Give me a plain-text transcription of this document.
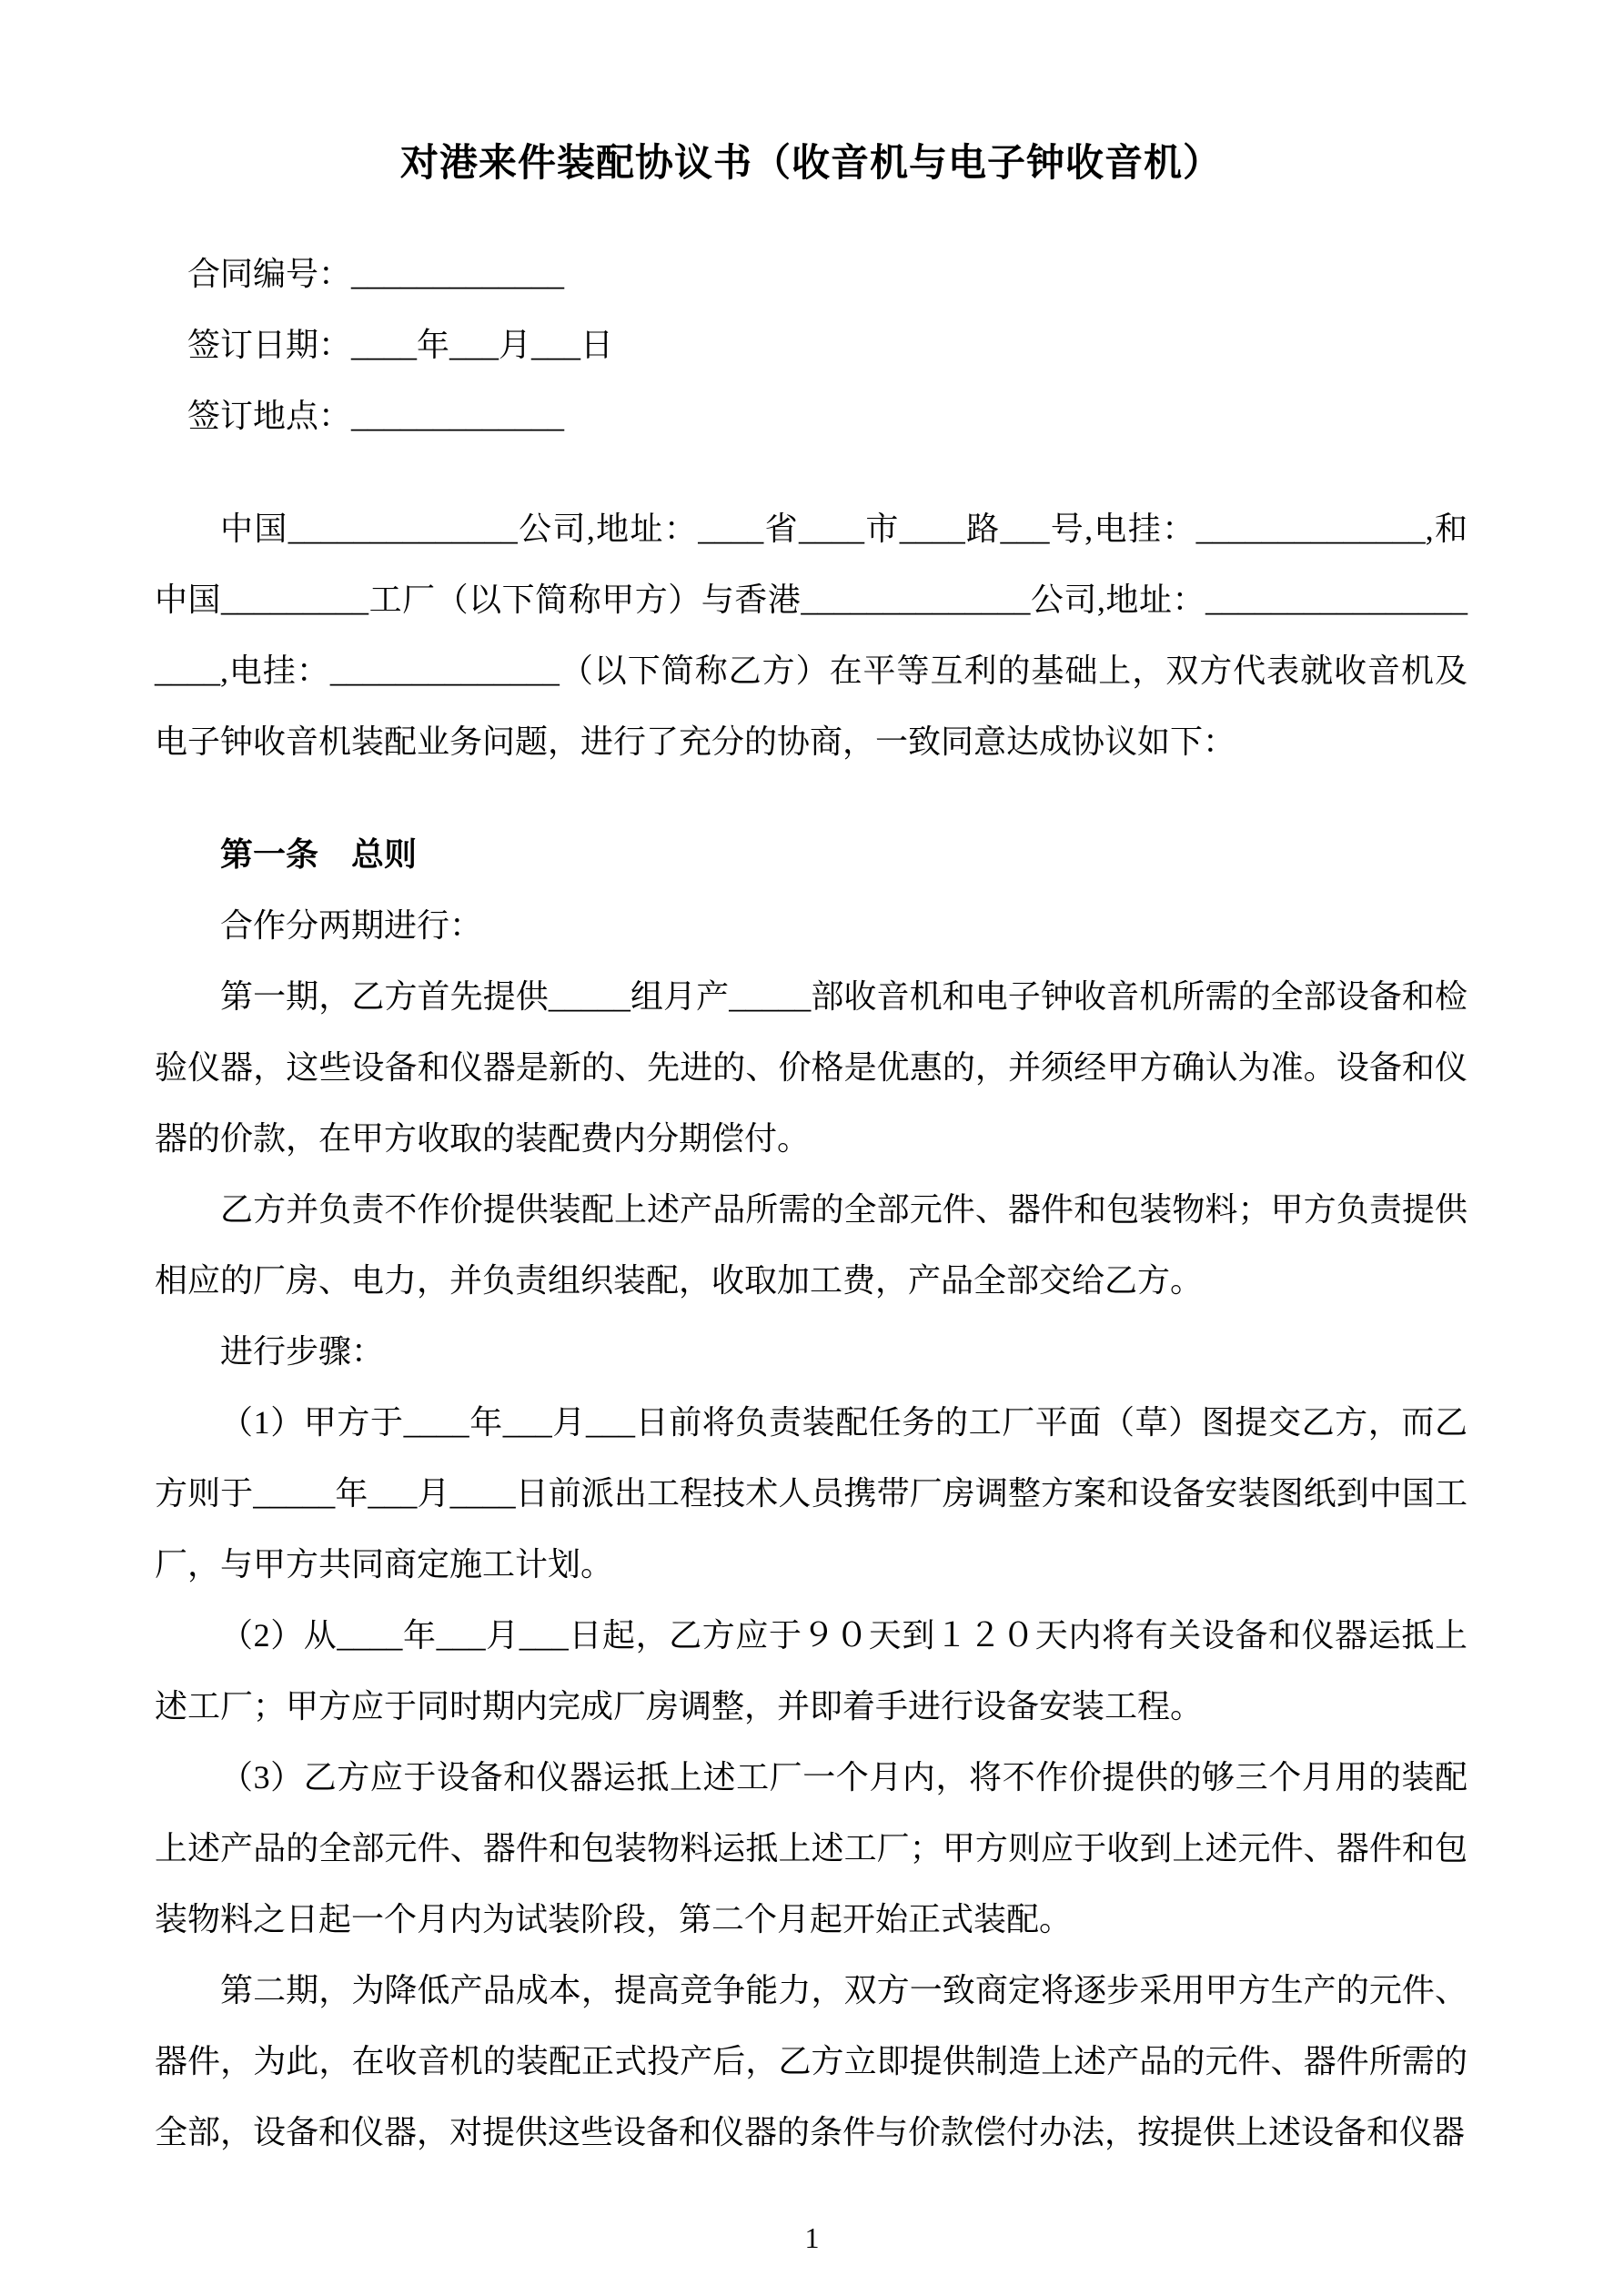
对港来件装配协议书（收音机与电子钟收音机）

合同编号：_____________

签订日期：____年___月___日

签订地点：_____________

中国______________公司,地址：____省____市____路___号,电挂：______________,和中国_________工厂（以下简称甲方）与香港______________公司,地址：____________________,电挂：______________（以下简称乙方）在平等互利的基础上，双方代表就收音机及电子钟收音机装配业务问题，进行了充分的协商，一致同意达成协议如下：

第一条　总则

合作分两期进行：

第一期，乙方首先提供_____组月产_____部收音机和电子钟收音机所需的全部设备和检验仪器，这些设备和仪器是新的、先进的、价格是优惠的，并须经甲方确认为准。设备和仪器的价款，在甲方收取的装配费内分期偿付。

乙方并负责不作价提供装配上述产品所需的全部元件、器件和包装物料；甲方负责提供相应的厂房、电力，并负责组织装配，收取加工费，产品全部交给乙方。

进行步骤：

（1）甲方于____年___月___日前将负责装配任务的工厂平面（草）图提交乙方，而乙方则于_____年___月____日前派出工程技术人员携带厂房调整方案和设备安装图纸到中国工厂，与甲方共同商定施工计划。

（2）从____年___月___日起，乙方应于９０天到１２０天内将有关设备和仪器运抵上述工厂；甲方应于同时期内完成厂房调整，并即着手进行设备安装工程。

（3）乙方应于设备和仪器运抵上述工厂一个月内，将不作价提供的够三个月用的装配上述产品的全部元件、器件和包装物料运抵上述工厂；甲方则应于收到上述元件、器件和包装物料之日起一个月内为试装阶段，第二个月起开始正式装配。

第二期，为降低产品成本，提高竞争能力，双方一致商定将逐步采用甲方生产的元件、器件，为此，在收音机的装配正式投产后，乙方立即提供制造上述产品的元件、器件所需的全部，设备和仪器，对提供这些设备和仪器的条件与价款偿付办法，按提供上述设备和仪器

1
